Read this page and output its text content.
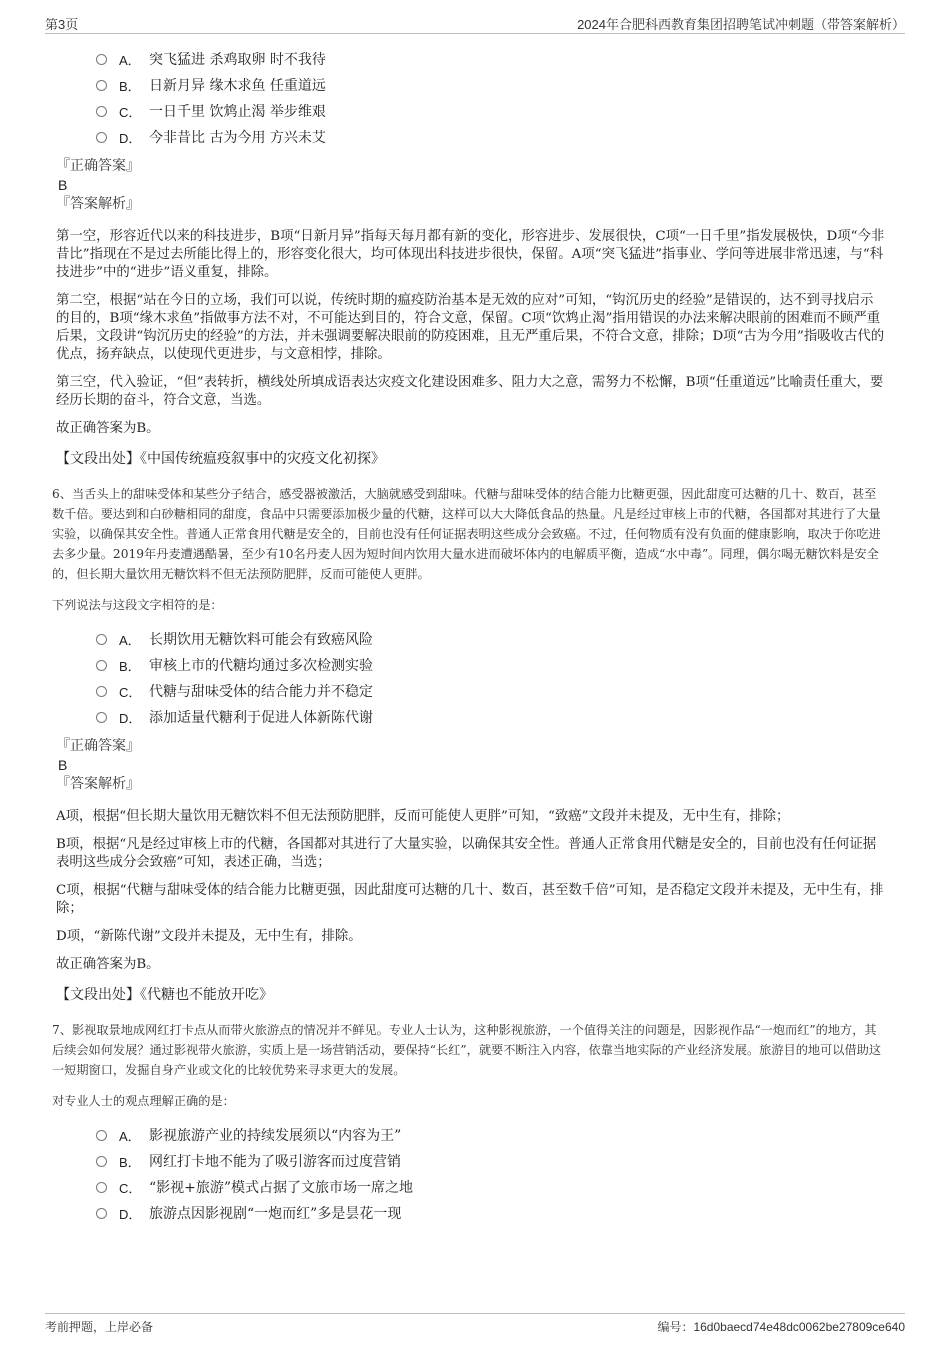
第3页	2024年合肥科西教育集团招聘笔试冲刺题（带答案解析）
A． 突飞猛进 杀鸡取卵 时不我待
B． 日新月异 缘木求鱼 任重道远
C． 一日千里 饮鸩止渴 举步维艰
D． 今非昔比 古为今用 方兴未艾
『正确答案』
B
『答案解析』

第一空，形容近代以来的科技进步，B项“日新月异”指每天每月都有新的变化，形容进步、发展很快，C项“一日千里”指发展极快，D项“今非昔比”指现在不是过去所能比得上的，形容变化很大，均可体现出科技进步很快，保留。A项“突飞猛进”指事业、学问等进展非常迅速，与“科技进步”中的“进步”语义重复，排除。

第二空，根据“站在今日的立场，我们可以说，传统时期的瘟疫防治基本是无效的应对”可知，“钩沉历史的经验”是错误的，达不到寻找启示的目的，B项“缘木求鱼”指做事方法不对，不可能达到目的，符合文意，保留。C项“饮鸩止渴”指用错误的办法来解决眼前的困难而不顾严重后果，文段讲“钩沉历史的经验”的方法，并未强调要解决眼前的防疫困难，且无严重后果，不符合文意，排除；D项“古为今用”指吸收古代的优点，扬弃缺点，以使现代更进步，与文意相悖，排除。

第三空，代入验证，“但”表转折，横线处所填成语表达灾疫文化建设困难多、阻力大之意，需努力不松懈，B项“任重道远”比喻责任重大，要经历长期的奋斗，符合文意，当选。

故正确答案为B。

【文段出处】《中国传统瘟疫叙事中的灾疫文化初探》
6、当舌头上的甜味受体和某些分子结合，感受器被激活，大脑就感受到甜味。代糖与甜味受体的结合能力比糖更强，因此甜度可达糖的几十、数百，甚至数千倍。要达到和白砂糖相同的甜度，食品中只需要添加极少量的代糖，这样可以大大降低食品的热量。凡是经过审核上市的代糖，各国都对其进行了大量实验，以确保其安全性。普通人正常食用代糖是安全的，目前也没有任何证据表明这些成分会致癌。不过，任何物质有没有负面的健康影响，取决于你吃进去多少量。2019年丹麦遭遇酷暑，至少有10名丹麦人因为短时间内饮用大量水进而破坏体内的电解质平衡，造成“水中毒”。同理，偶尔喝无糖饮料是安全的，但长期大量饮用无糖饮料不但无法预防肥胖，反而可能使人更胖。
下列说法与这段文字相符的是：
A． 长期饮用无糖饮料可能会有致癌风险
B． 审核上市的代糖均通过多次检测实验
C． 代糖与甜味受体的结合能力并不稳定
D． 添加适量代糖利于促进人体新陈代谢
『正确答案』
B
『答案解析』

A项，根据“但长期大量饮用无糖饮料不但无法预防肥胖，反而可能使人更胖”可知，“致癌”文段并未提及，无中生有，排除；

B项，根据“凡是经过审核上市的代糖，各国都对其进行了大量实验，以确保其安全性。普通人正常食用代糖是安全的，目前也没有任何证据表明这些成分会致癌”可知，表述正确，当选；

C项，根据“代糖与甜味受体的结合能力比糖更强，因此甜度可达糖的几十、数百，甚至数千倍”可知，是否稳定文段并未提及，无中生有，排除；

D项，“新陈代谢”文段并未提及，无中生有，排除。

故正确答案为B。

【文段出处】《代糖也不能放开吃》
7、影视取景地成网红打卡点从而带火旅游点的情况并不鲜见。专业人士认为，这种影视旅游，一个值得关注的问题是，因影视作品“一炮而红”的地方，其后续会如何发展？通过影视带火旅游，实质上是一场营销活动，要保持“长红”，就要不断注入内容，依靠当地实际的产业经济发展。旅游目的地可以借助这一短期窗口，发掘自身产业或文化的比较优势来寻求更大的发展。
对专业人士的观点理解正确的是：
A． 影视旅游产业的持续发展须以“内容为王”
B． 网红打卡地不能为了吸引游客而过度营销
C． “影视+旅游”模式占据了文旅市场一席之地
D． 旅游点因影视剧“一炮而红”多是昙花一现
考前押题，上岸必备	编号：16d0baecd74e48dc0062be27809ce640
